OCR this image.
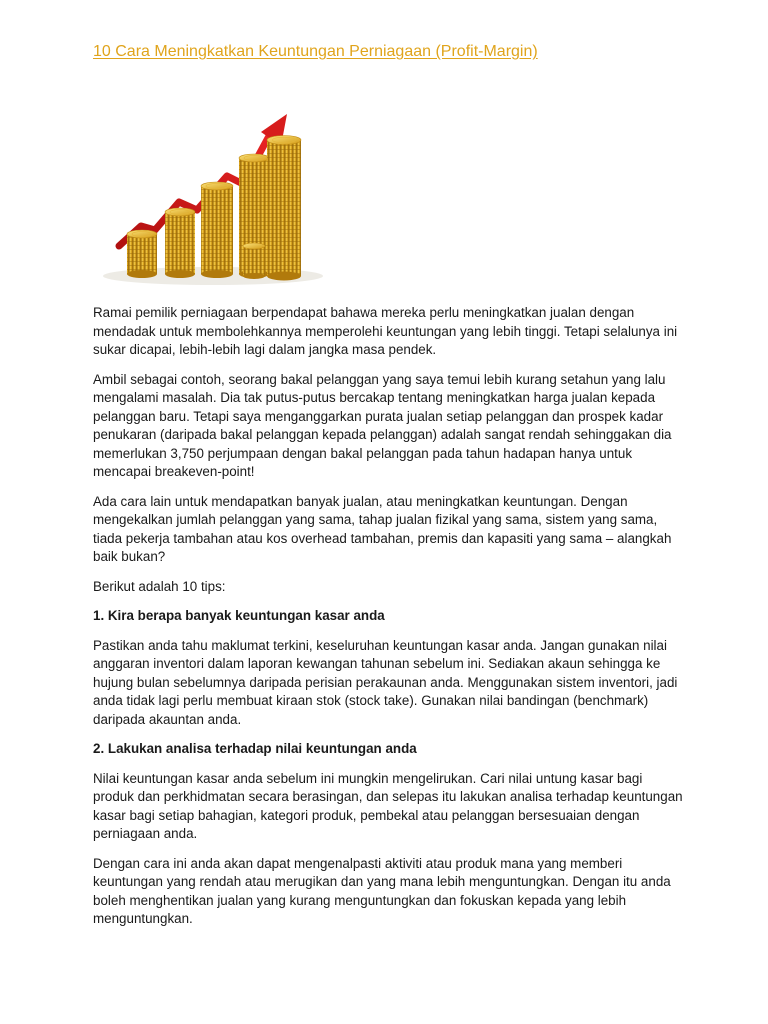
10 Cara Meningkatkan Keuntungan Perniagaan (Profit-Margin)

Ramai pemilik perniagaan berpendapat bahawa mereka perlu meningkatkan jualan dengan mendadak untuk membolehkannya memperolehi keuntungan yang lebih tinggi. Tetapi selalunya ini sukar dicapai, lebih-lebih lagi dalam jangka masa pendek.

Ambil sebagai contoh, seorang bakal pelanggan yang saya temui lebih kurang setahun yang lalu mengalami masalah. Dia tak putus-putus bercakap tentang meningkatkan harga jualan kepada pelanggan baru. Tetapi saya menganggarkan purata jualan setiap pelanggan dan prospek kadar penukaran (daripada bakal pelanggan kepada pelanggan) adalah sangat rendah sehinggakan dia memerlukan 3,750 perjumpaan dengan bakal pelanggan pada tahun hadapan hanya untuk mencapai breakeven-point!

Ada cara lain untuk mendapatkan banyak jualan, atau meningkatkan keuntungan. Dengan mengekalkan jumlah pelanggan yang sama, tahap jualan fizikal yang sama, sistem yang sama, tiada pekerja tambahan atau kos overhead tambahan, premis dan kapasiti yang sama – alangkah baik bukan?

Berikut adalah 10 tips:

1. Kira berapa banyak keuntungan kasar anda

Pastikan anda tahu maklumat terkini, keseluruhan keuntungan kasar anda. Jangan gunakan nilai anggaran inventori dalam laporan kewangan tahunan sebelum ini. Sediakan akaun sehingga ke hujung bulan sebelumnya daripada perisian perakaunan anda. Menggunakan sistem inventori, jadi anda tidak lagi perlu membuat kiraan stok (stock take). Gunakan nilai bandingan (benchmark) daripada akauntan anda.

2. Lakukan analisa terhadap nilai keuntungan anda

Nilai keuntungan kasar anda sebelum ini mungkin mengelirukan. Cari nilai untung kasar bagi produk dan perkhidmatan secara berasingan, dan selepas itu lakukan analisa terhadap keuntungan kasar bagi setiap bahagian, kategori produk, pembekal atau pelanggan bersesuaian dengan perniagaan anda.

Dengan cara ini anda akan dapat mengenalpasti aktiviti atau produk mana yang memberi keuntungan yang rendah atau merugikan dan yang mana lebih menguntungkan. Dengan itu anda boleh menghentikan jualan yang kurang menguntungkan dan fokuskan kepada yang lebih menguntungkan.
